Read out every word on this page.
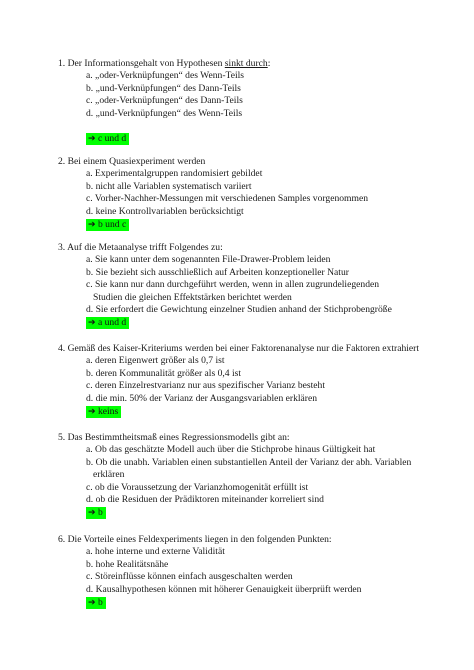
1. Der Informationsgehalt von Hypothesen sinkt durch:
a. „oder-Verknüpfungen“ des Wenn-Teils
b. „und-Verknüpfungen“ des Dann-Teils
c. „oder-Verknüpfungen“ des Dann-Teils
d. „und-Verknüpfungen“ des Wenn-Teils
➔ c und d
2. Bei einem Quasiexperiment werden
a. Experimentalgruppen randomisiert gebildet
b. nicht alle Variablen systematisch variiert
c. Vorher-Nachher-Messungen mit verschiedenen Samples vorgenommen
d. keine Kontrollvariablen berücksichtigt
➔ b und c
3. Auf die Metaanalyse trifft Folgendes zu:
a. Sie kann unter dem sogenannten File-Drawer-Problem leiden
b. Sie bezieht sich ausschließlich auf Arbeiten konzeptioneller Natur
c. Sie kann nur dann durchgeführt werden, wenn in allen zugrundeliegenden
Studien die gleichen Effektstärken berichtet werden
d. Sie erfordert die Gewichtung einzelner Studien anhand der Stichprobengröße
➔ a und d
4. Gemäß des Kaiser-Kriteriums werden bei einer Faktorenanalyse nur die Faktoren extrahiert
a. deren Eigenwert größer als 0,7 ist
b. deren Kommunalität größer als 0,4 ist
c. deren Einzelrestvarianz nur aus spezifischer Varianz besteht
d. die min. 50% der Varianz der Ausgangsvariablen erklären
➔ keins
5. Das Bestimmtheitsmaß eines Regressionsmodells gibt an:
a. Ob das geschätzte Modell auch über die Stichprobe hinaus Gültigkeit hat
b. Ob die unabh. Variablen einen substantiellen Anteil der Varianz der abh. Variablen
erklären
c. ob die Voraussetzung der Varianzhomogenität erfüllt ist
d. ob die Residuen der Prädiktoren miteinander korreliert sind
➔ b
6. Die Vorteile eines Feldexperiments liegen in den folgenden Punkten:
a. hohe interne und externe Validität
b. hohe Realitätsnähe
c. Störeinflüsse können einfach ausgeschalten werden
d. Kausalhypothesen können mit höherer Genauigkeit überprüft werden
➔ b
